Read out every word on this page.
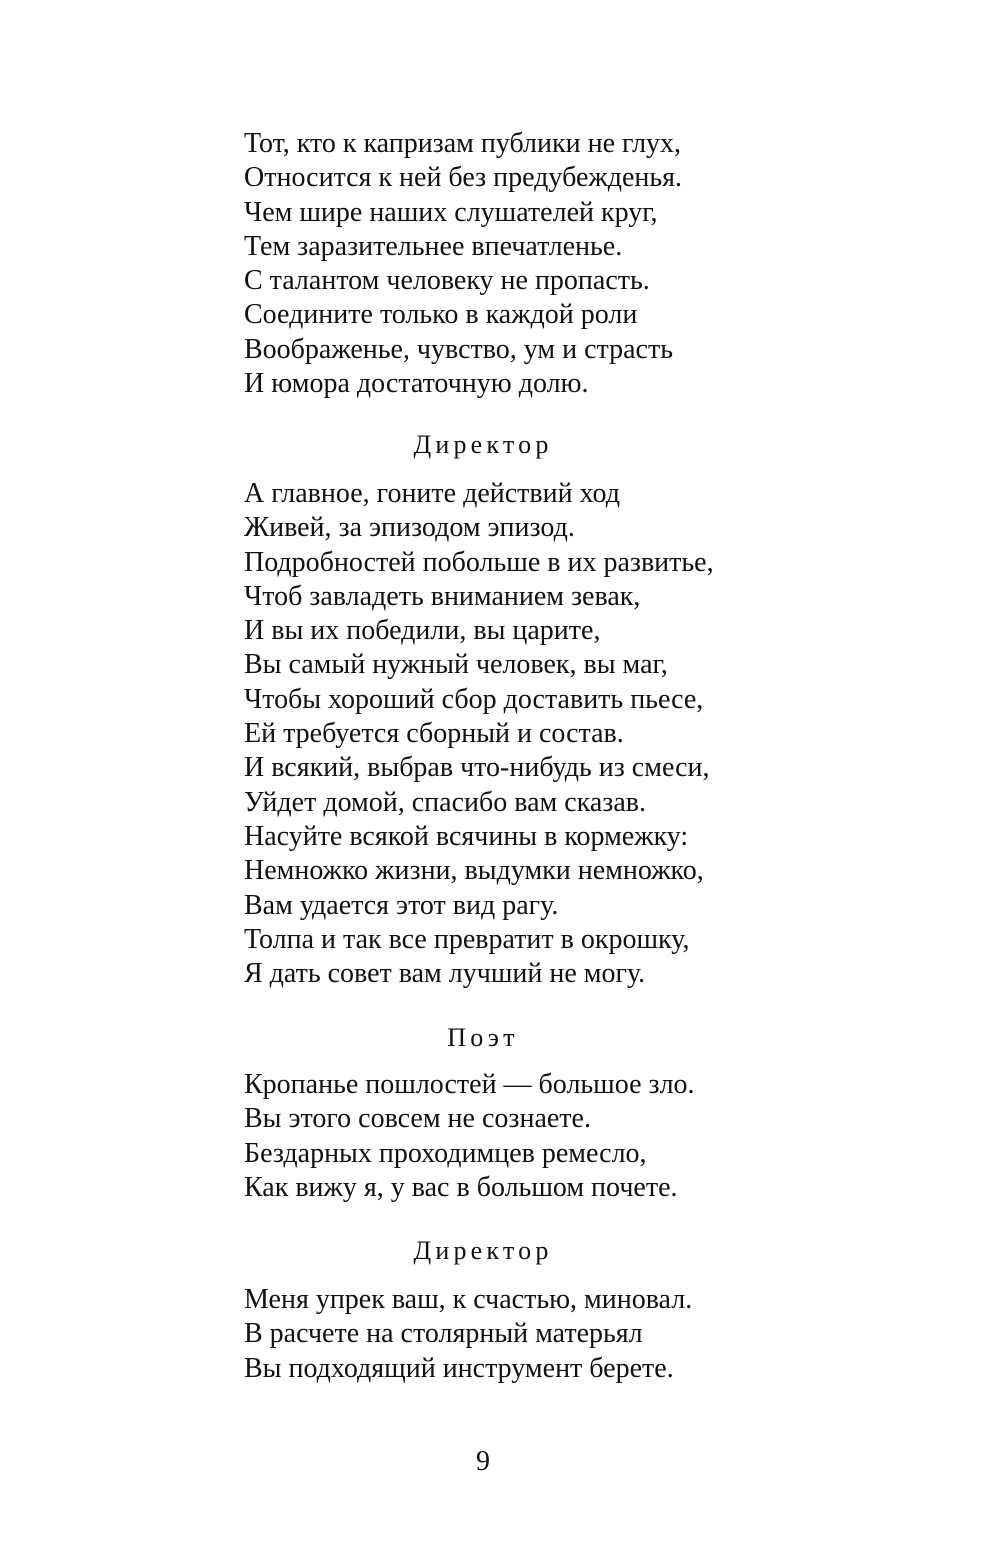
Тот, кто к капризам публики не глух,
Относится к ней без предубежденья.
Чем шире наших слушателей круг,
Тем заразительнее впечатленье.
С талантом человеку не пропасть.
Соедините только в каждой роли
Воображенье, чувство, ум и страсть
И юмора достаточную долю.
Директор
А главное, гоните действий ход
Живей, за эпизодом эпизод.
Подробностей побольше в их развитье,
Чтоб завладеть вниманием зевак,
И вы их победили, вы царите,
Вы самый нужный человек, вы маг,
Чтобы хороший сбор доставить пьесе,
Ей требуется сборный и состав.
И всякий, выбрав что-нибудь из смеси,
Уйдет домой, спасибо вам сказав.
Насуйте всякой всячины в кормежку:
Немножко жизни, выдумки немножко,
Вам удается этот вид рагу.
Толпа и так все превратит в окрошку,
Я дать совет вам лучший не могу.
Поэт
Кропанье пошлостей — большое зло.
Вы этого совсем не сознаете.
Бездарных проходимцев ремесло,
Как вижу я, у вас в большом почете.
Директор
Меня упрек ваш, к счастью, миновал.
В расчете на столярный матерьял
Вы подходящий инструмент берете.
9
